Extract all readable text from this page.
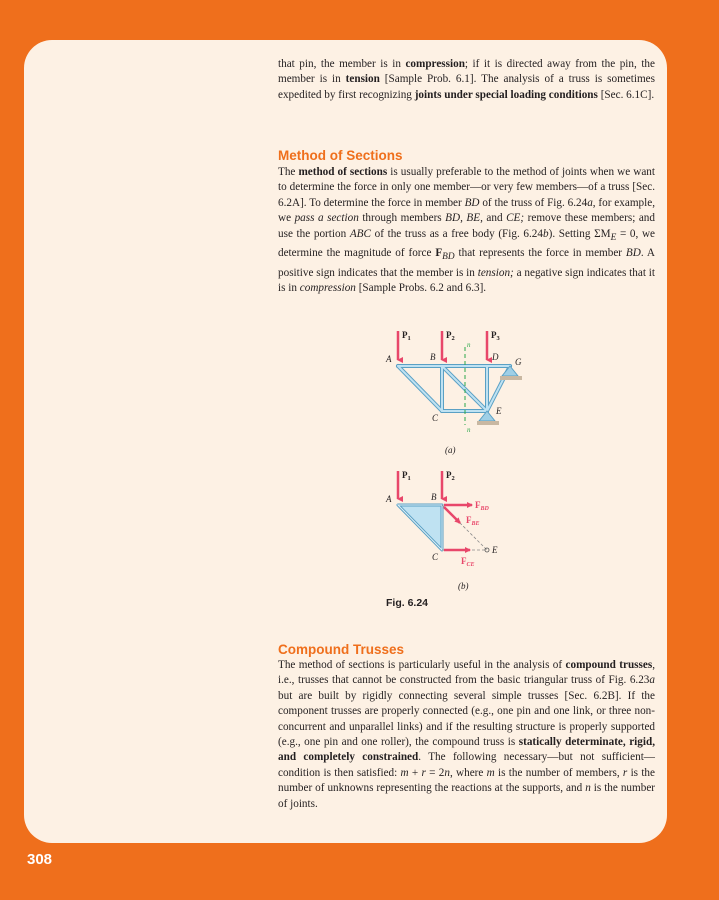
that pin, the member is in compression; if it is directed away from the pin, the member is in tension [Sample Prob. 6.1]. The analysis of a truss is sometimes expedited by first recognizing joints under special loading conditions [Sec. 6.1C].

Method of Sections

The method of sections is usually preferable to the method of joints when we want to determine the force in only one member—or very few members—of a truss [Sec. 6.2A]. To determine the force in member BD of the truss of Fig. 6.24a, for example, we pass a section through members BD, BE, and CE; remove these members; and use the portion ABC of the truss as a free body (Fig. 6.24b). Setting $\Sigma M_E = 0$, we determine the magnitude of force $F_{BD}$ that represents the force in member BD. A positive sign indicates that the member is in tension; a negative sign indicates that it is in compression [Sample Probs. 6.2 and 6.3].

$P_1$	$P_2$	$P_3$
A	B	D G
C
E
n
n
(a)
$P_1$	$P_2$
A	B
C
E
$F_{BD}$
$F_{BE}$
$F_{CE}$
(b)
Fig. 6.24
Compound Trusses

The method of sections is particularly useful in the analysis of compound trusses, i.e., trusses that cannot be constructed from the basic triangular truss of Fig. 6.23a but are built by rigidly connecting several simple trusses [Sec. 6.2B]. If the component trusses are properly connected (e.g., one pin and one link, or three non-concurrent and unparallel links) and if the resulting structure is properly supported (e.g., one pin and one roller), the compound truss is statically determinate, rigid, and completely constrained. The following necessary—but not sufficient—condition is then satisfied: m + r = 2n, where m is the number of members, r is the number of unknowns representing the reactions at the supports, and n is the number of joints.

308
